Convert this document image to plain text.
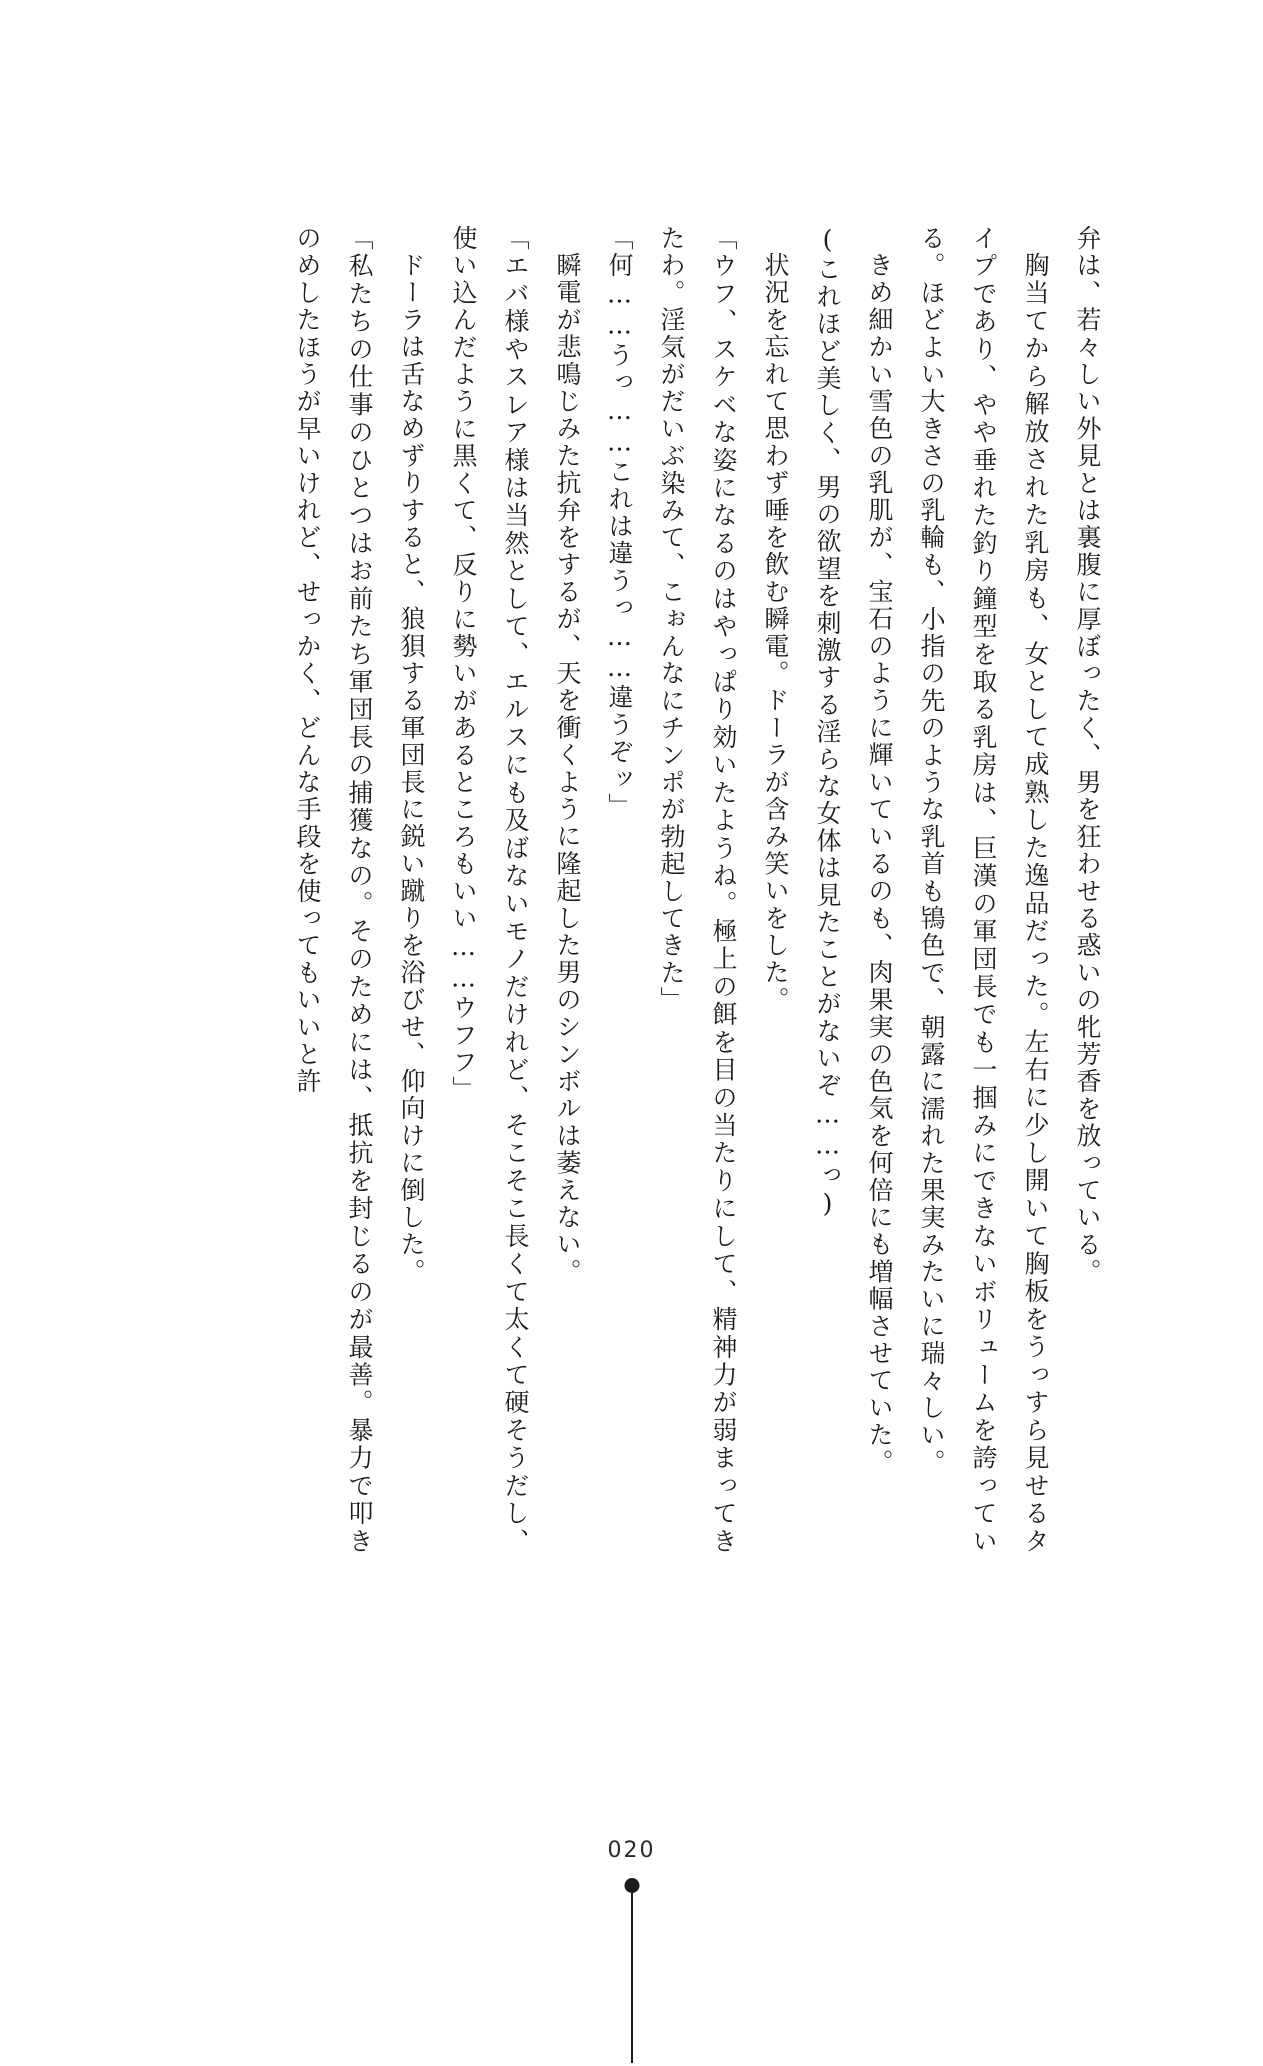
弁は、若々しい外見とは裏腹に厚ぼったく、男を狂わせる惑いの牝芳香を放っている。

胸当てから解放された乳房も、女として成熟した逸品だった。左右に少し開いて胸板をうっすら見せるタイプであり、やや垂れた釣り鐘型を取る乳房は、巨漢の軍団長でも一掴みにできないボリュームを誇っている。ほどよい大きさの乳輪も、小指の先のような乳首も鴇色で、朝露に濡れた果実みたいに瑞々しい。

きめ細かい雪色の乳肌が、宝石のように輝いているのも、肉果実の色気を何倍にも増幅させていた。

(これほど美しく、男の欲望を刺激する淫らな女体は見たことがないぞ……っ)

状況を忘れて思わず唾を飲む瞬電。ドーラが含み笑いをした。

「ウフ、スケベな姿になるのはやっぱり効いたようね。極上の餌を目の当たりにして、精神力が弱まってきたわ。淫気がだいぶ染みて、こぉんなにチンポが勃起してきた」

「何……うっ……これは違うっ……違うぞッ」

瞬電が悲鳴じみた抗弁をするが、天を衝くように隆起した男のシンボルは萎えない。

「エバ様やスレア様は当然として、エルスにも及ばないモノだけれど、そこそこ長くて太くて硬そうだし、使い込んだように黒くて、反りに勢いがあるところもいい……ウフフ」

ドーラは舌なめずりすると、狼狽する軍団長に鋭い蹴りを浴びせ、仰向けに倒した。

「私たちの仕事のひとつはお前たち軍団長の捕獲なの。そのためには、抵抗を封じるのが最善。暴力で叩きのめしたほうが早いけれど、せっかく、どんな手段を使ってもいいと許

020
